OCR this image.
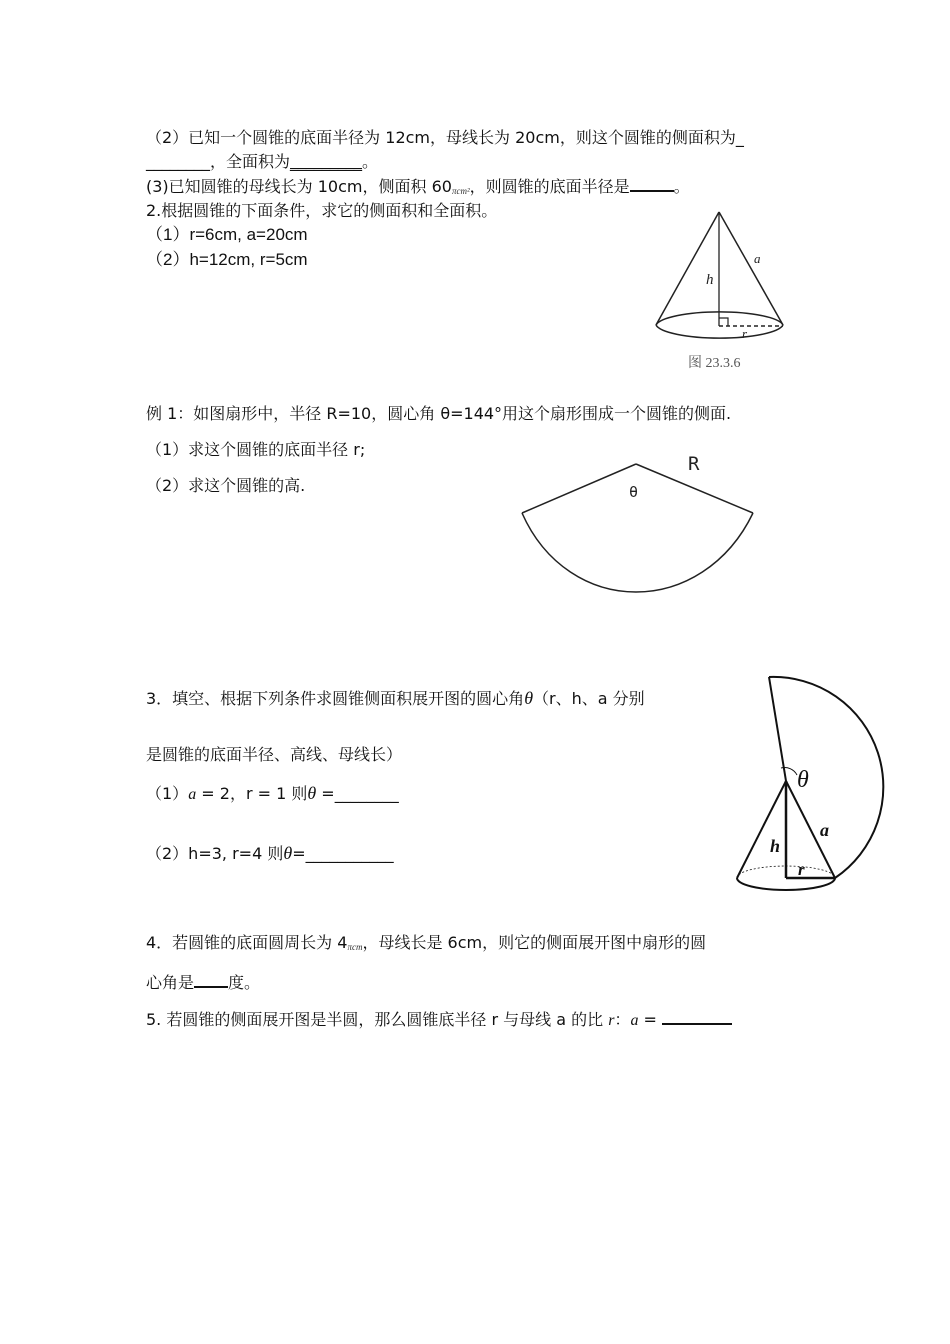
（2）已知一个圆锥的底面半径为 12cm，母线长为 20cm，则这个圆锥的侧面积为_
________，全面积为_________。
(3)已知圆锥的母线长为 10cm，侧面积 $60_{\pi cm^2}$，则圆锥的底面半径是	。
2.根据圆锥的下面条件，求它的侧面积和全面积。
（1）r=6cm, a=20cm
（2）h=12cm, r=5cm
h
a
r
图 23.3.6
例 1：如图扇形中，半径 R=10，圆心角 θ=144°用这个扇形围成一个圆锥的侧面.
（1）求这个圆锥的底面半径 r;
（2）求这个圆锥的高.
R
θ
3．填空、根据下列条件求圆锥侧面积展开图的圆心角θ（r、h、a 分别
是圆锥的底面半径、高线、母线长）
（1）a = 2，r = 1 则θ =________
（2）h=3, r=4 则θ=___________
θ
a
h
r
4．若圆锥的底面圆周长为 $4_{\pi cm}$，母线长是 6cm，则它的侧面展开图中扇形的圆
心角是 度。
5. 若圆锥的侧面展开图是半圆，那么圆锥底半径 r 与母线 a 的比 r：a =
